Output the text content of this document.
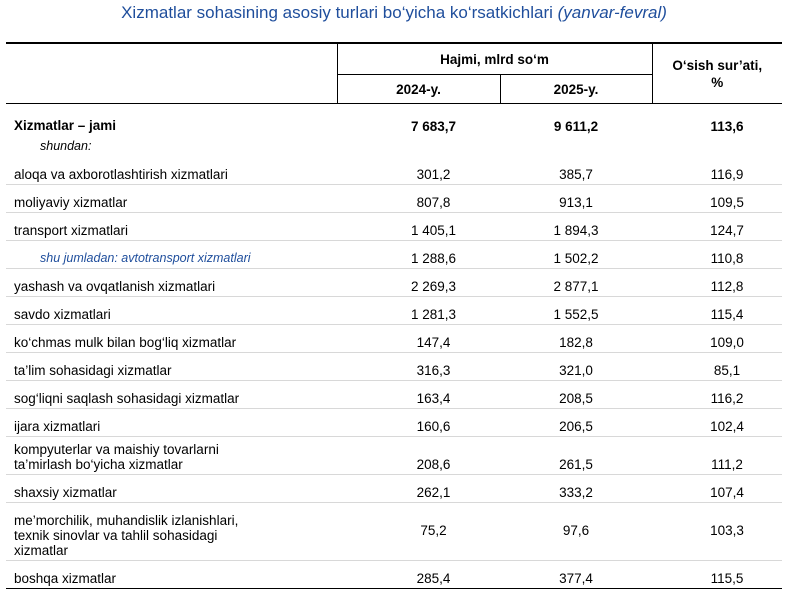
Xizmatlar sohasining asosiy turlari bo‘yicha ko‘rsatkichlari (yanvar-fevral)
	Hajmi, mlrd so‘m		O‘sish sur’ati,
%
	2024-y.	2025-y.	
Xizmatlar – jami	7 683,7	9 611,2	113,6
shundan:			
aloqa va axborotlashtirish xizmatlari	301,2	385,7	116,9
moliyaviy xizmatlar	807,8	913,1	109,5
transport xizmatlari	1 405,1	1 894,3	124,7
shu jumladan: avtotransport xizmatlari	1 288,6	1 502,2	110,8
yashash va ovqatlanish xizmatlari	2 269,3	2 877,1	112,8
savdo xizmatlari	1 281,3	1 552,5	115,4
ko‘chmas mulk bilan bog‘liq xizmatlar	147,4	182,8	109,0
ta’lim sohasidagi xizmatlar	316,3	321,0	85,1
sog‘liqni saqlash sohasidagi xizmatlar	163,4	208,5	116,2
ijara xizmatlari	160,6	206,5	102,4
kompyuterlar va maishiy tovarlarni
ta’mirlash bo‘yicha xizmatlar	208,6	261,5	111,2
shaxsiy xizmatlar	262,1	333,2	107,4
me’morchilik, muhandislik izlanishlari,
texnik sinovlar va tahlil sohasidagi
xizmatlar	75,2	97,6	103,3
boshqa xizmatlar	285,4	377,4	115,5
